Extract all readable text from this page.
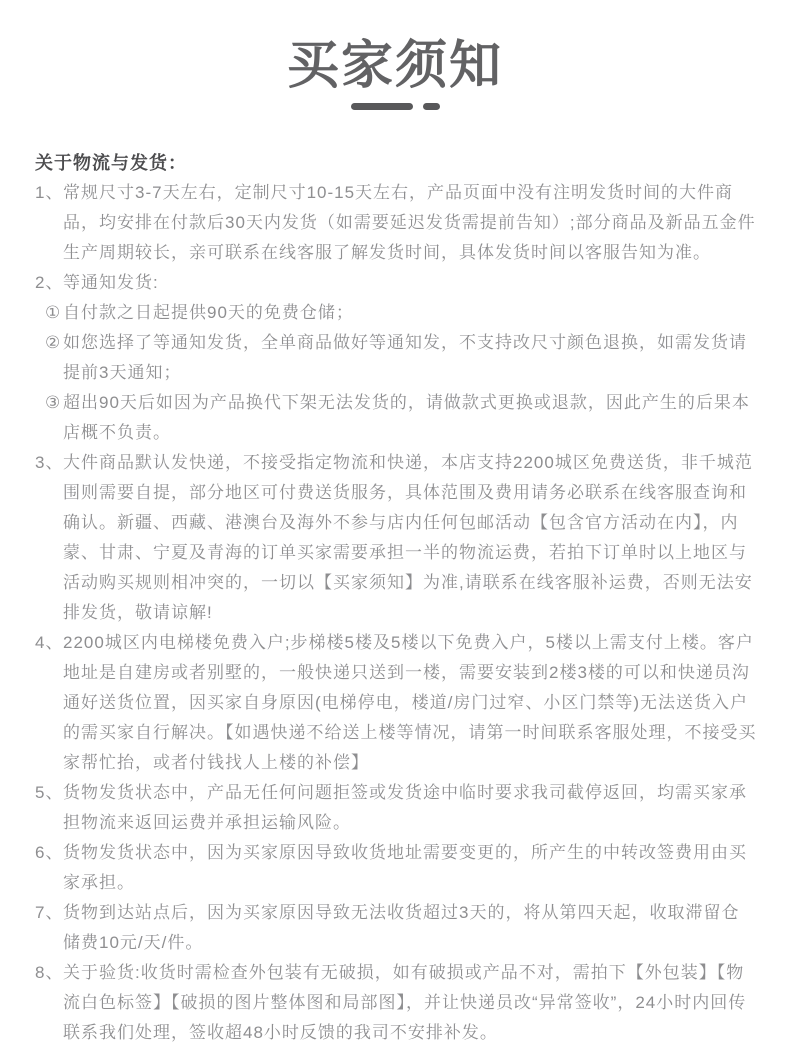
买家须知
关于物流与发货：
1、 常规尺寸3-7天左右，定制尺寸10-15天左右，产品页面中没有注明发货时间的大件商品，均安排在付款后30天内发货（如需要延迟发货需提前告知）;部分商品及新品五金件生产周期较长，亲可联系在线客服了解发货时间，具体发货时间以客服告知为准。
2、 等通知发货:
① 自付款之日起提供90天的免费仓储；
② 如您选择了等通知发货，全单商品做好等通知发，不支持改尺寸颜色退换，如需发货请提前3天通知；
③ 超出90天后如因为产品换代下架无法发货的，请做款式更换或退款，因此产生的后果本店概不负责。
3、 大件商品默认发快递，不接受指定物流和快递，本店支持2200城区免费送货，非千城范围则需要自提，部分地区可付费送货服务，具体范围及费用请务必联系在线客服查询和确认。新疆、西藏、港澳台及海外不参与店内任何包邮活动【包含官方活动在内】，内蒙、甘肃、宁夏及青海的订单买家需要承担一半的物流运费，若拍下订单时以上地区与活动购买规则相冲突的，一切以【买家须知】为准,请联系在线客服补运费，否则无法安排发货，敬请谅解!
4、 2200城区内电梯楼免费入户;步梯楼5楼及5楼以下免费入户，5楼以上需支付上楼。客户地址是自建房或者别墅的，一般快递只送到一楼，需要安装到2楼3楼的可以和快递员沟通好送货位置，因买家自身原因(电梯停电，楼道/房门过窄、小区门禁等)无法送货入户的需买家自行解决。【如遇快递不给送上楼等情况，请第一时间联系客服处理，不接受买家帮忙抬，或者付钱找人上楼的补偿】
5、 货物发货状态中，产品无任何问题拒签或发货途中临时要求我司截停返回，均需买家承担物流来返回运费并承担运输风险。
6、 货物发货状态中，因为买家原因导致收货地址需要变更的，所产生的中转改签费用由买家承担。
7、 货物到达站点后，因为买家原因导致无法收货超过3天的，将从第四天起，收取滞留仓储费10元/天/件。
8、 关于验货:收货时需检查外包装有无破损，如有破损或产品不对，需拍下【外包装】【物流白色标签】【破损的图片整体图和局部图】，并让快递员改“异常签收”，24小时内回传联系我们处理，签收超48小时反馈的我司不安排补发。
